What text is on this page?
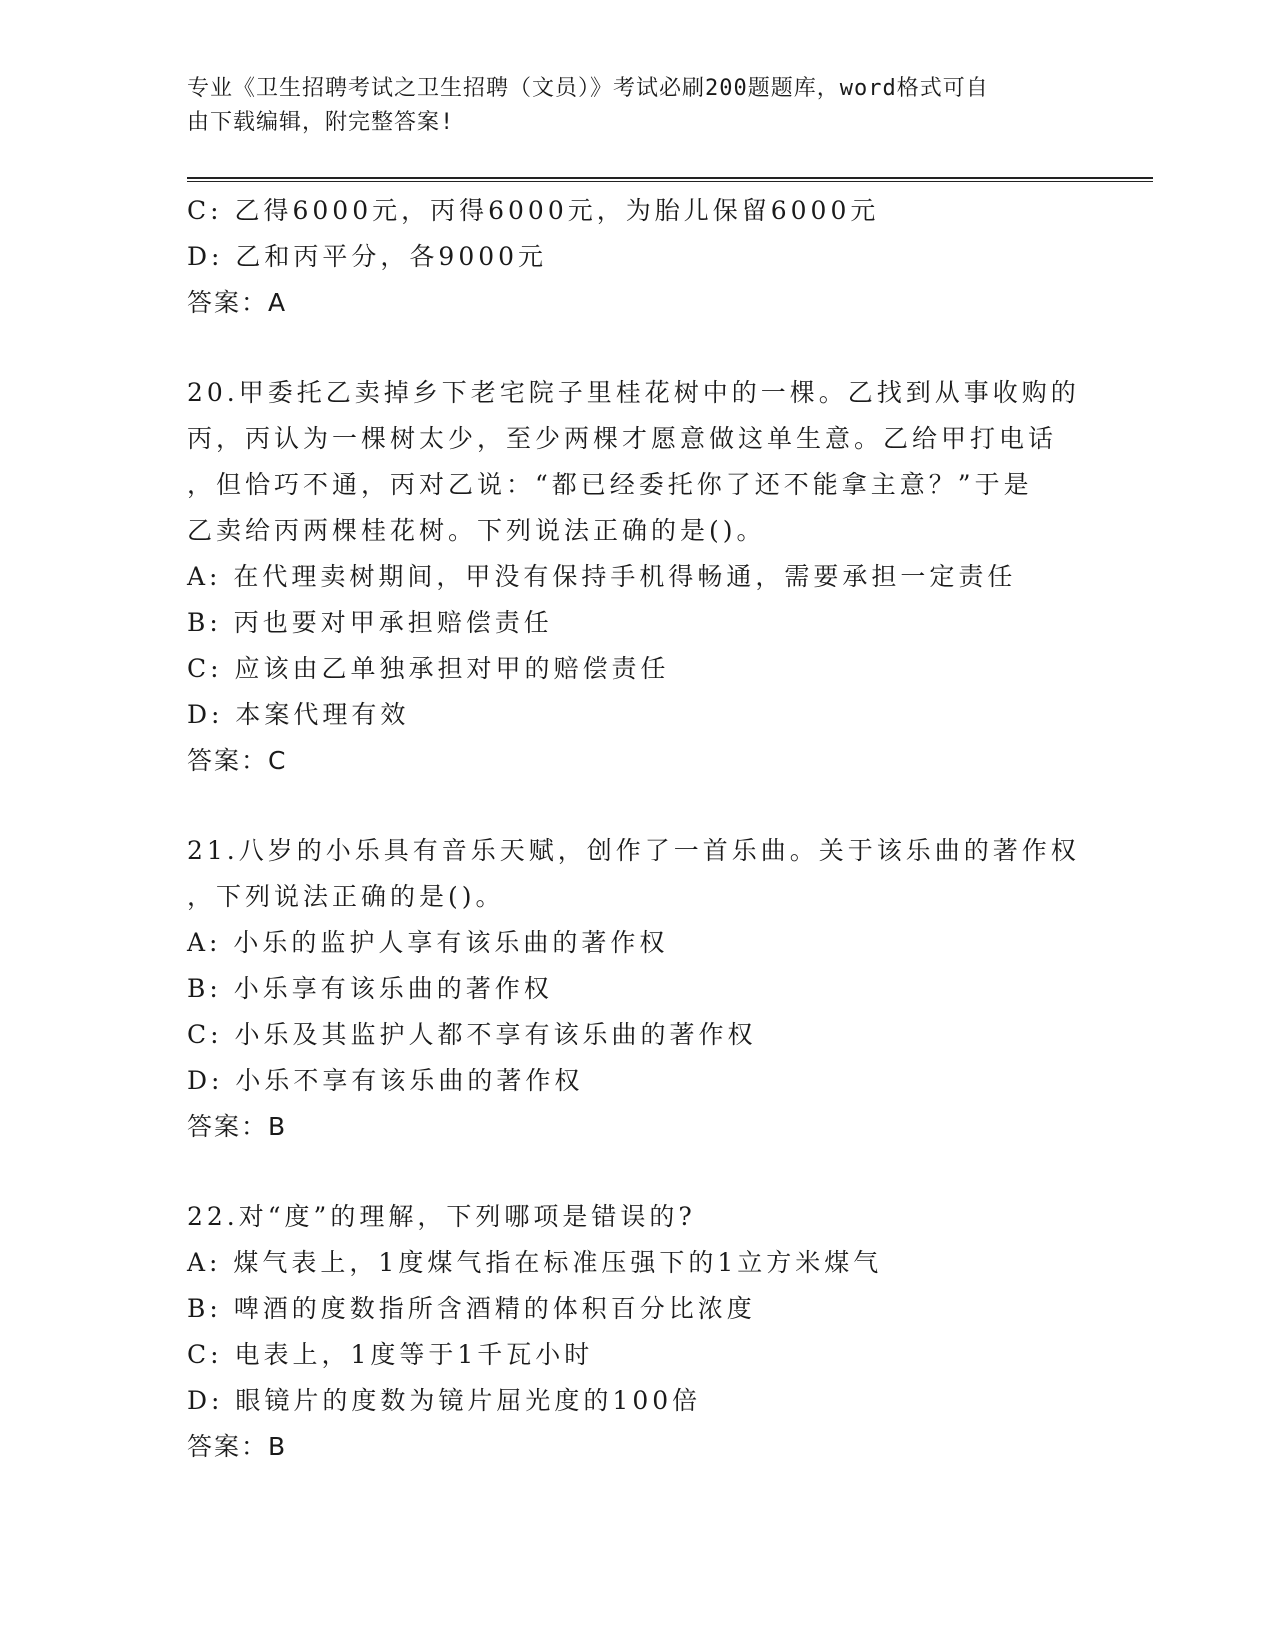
专业《卫生招聘考试之卫生招聘（文员）》考试必刷200题题库，word格式可自
由下载编辑，附完整答案!
C: 乙得6000元，丙得6000元，为胎儿保留6000元
D: 乙和丙平分，各9000元
答案：A
20.甲委托乙卖掉乡下老宅院子里桂花树中的一棵。乙找到从事收购的
丙，丙认为一棵树太少，至少两棵才愿意做这单生意。乙给甲打电话
，但恰巧不通，丙对乙说：“都已经委托你了还不能拿主意？”于是
乙卖给丙两棵桂花树。下列说法正确的是()。
A: 在代理卖树期间，甲没有保持手机得畅通，需要承担一定责任
B: 丙也要对甲承担赔偿责任
C: 应该由乙单独承担对甲的赔偿责任
D: 本案代理有效
答案：C
21.八岁的小乐具有音乐天赋，创作了一首乐曲。关于该乐曲的著作权
，下列说法正确的是()。
A: 小乐的监护人享有该乐曲的著作权
B: 小乐享有该乐曲的著作权
C: 小乐及其监护人都不享有该乐曲的著作权
D: 小乐不享有该乐曲的著作权
答案：B
22.对“度”的理解，下列哪项是错误的?
A: 煤气表上，1度煤气指在标准压强下的1立方米煤气
B: 啤酒的度数指所含酒精的体积百分比浓度
C: 电表上，1度等于1千瓦小时
D: 眼镜片的度数为镜片屈光度的100倍
答案：B
